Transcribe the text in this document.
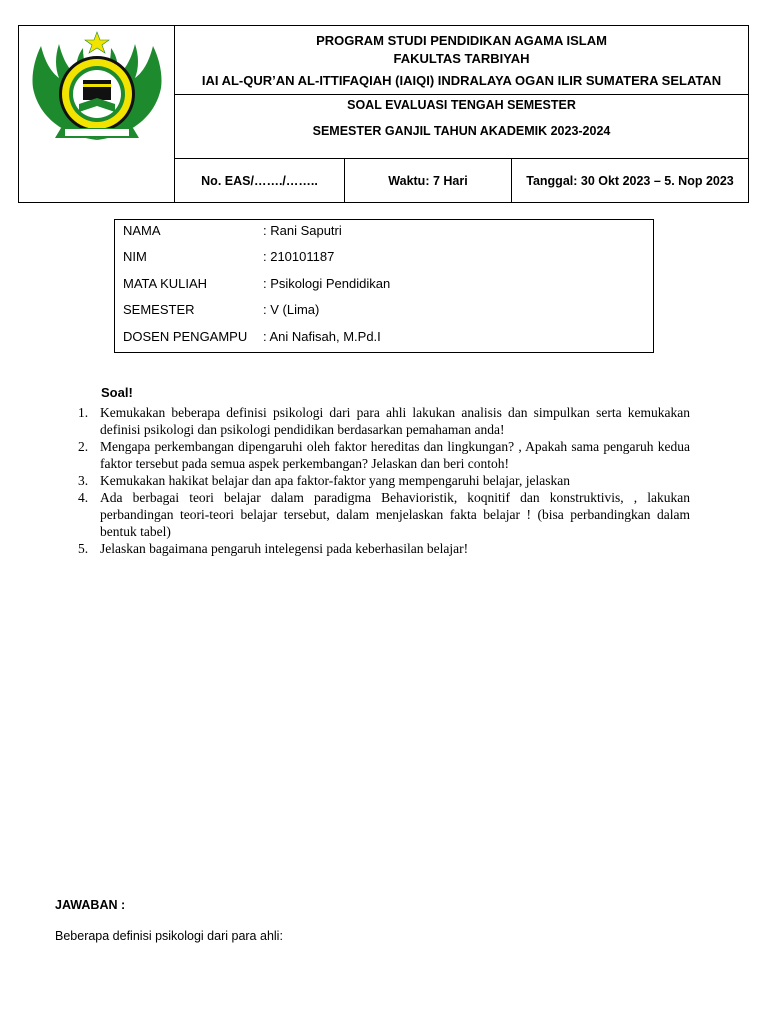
PROGRAM STUDI PENDIDIKAN AGAMA ISLAM
FAKULTAS TARBIYAH
IAI AL-QUR’AN AL-ITTIFAQIAH (IAIQI) INDRALAYA OGAN ILIR SUMATERA SELATAN
SOAL EVALUASI TENGAH SEMESTER
SEMESTER GANJIL TAHUN AKADEMIK 2023-2024
No. EAS/……./……..	Waktu: 7 Hari	Tanggal: 30 Okt 2023 – 5. Nop 2023
NAMA	: Rani Saputri
NIM	: 210101187
MATA KULIAH	: Psikologi Pendidikan
SEMESTER	: V (Lima)
DOSEN PENGAMPU : Ani Nafisah, M.Pd.I
Soal!
1. Kemukakan beberapa definisi psikologi dari para ahli lakukan analisis dan simpulkan serta kemukakan definisi psikologi dan psikologi pendidikan berdasarkan pemahaman anda!
2. Mengapa perkembangan dipengaruhi oleh faktor hereditas dan lingkungan? , Apakah sama pengaruh kedua faktor tersebut pada semua aspek perkembangan? Jelaskan dan beri contoh!
3. Kemukakan hakikat belajar dan apa faktor-faktor yang mempengaruhi belajar, jelaskan
4. Ada berbagai teori belajar dalam paradigma Behavioristik, koqnitif dan konstruktivis, , lakukan perbandingan teori-teori belajar tersebut, dalam menjelaskan fakta belajar ! (bisa perbandingkan dalam bentuk tabel)
5. Jelaskan bagaimana pengaruh intelegensi pada keberhasilan belajar!
JAWABAN :
Beberapa definisi psikologi dari para ahli:
